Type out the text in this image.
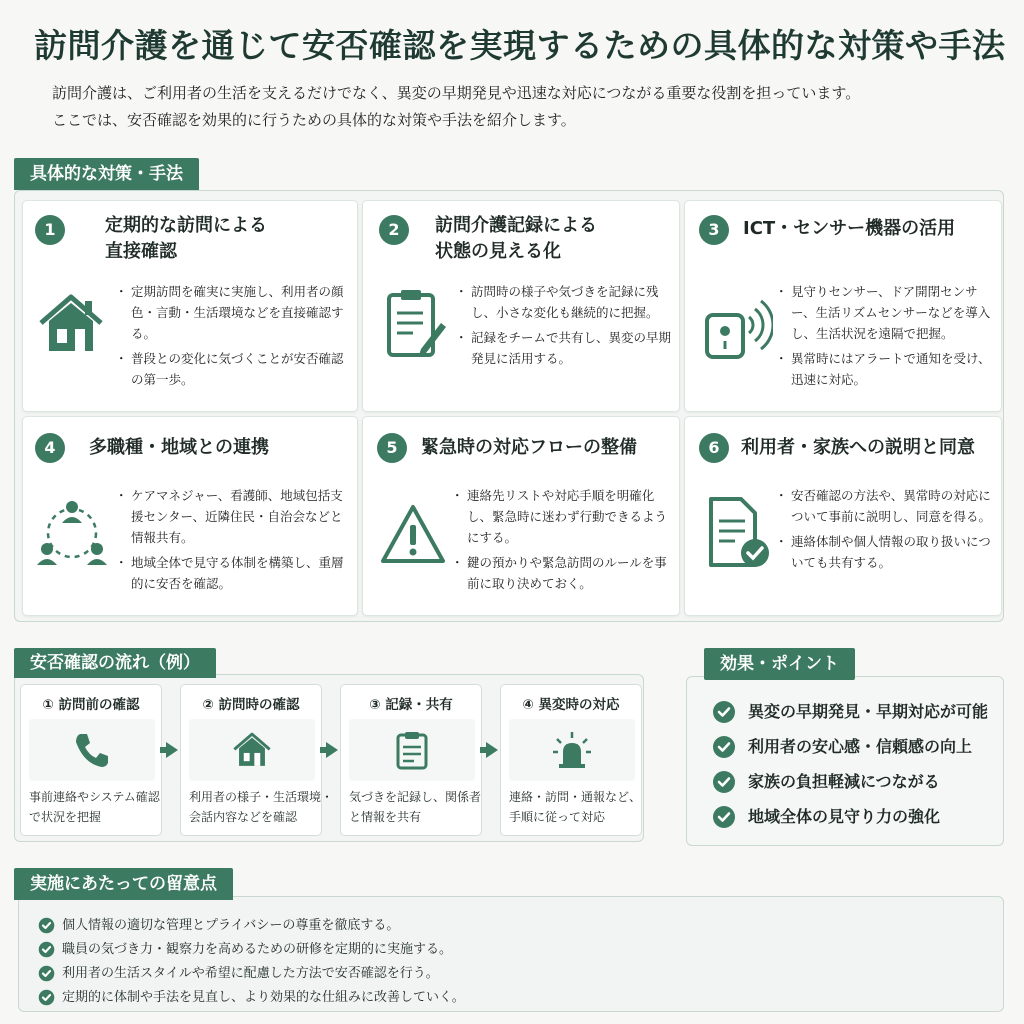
訪問介護を通じて安否確認を実現するための具体的な対策や手法

訪問介護は、ご利用者の生活を支えるだけでなく、異変の早期発見や迅速な対応につながる重要な役割を担っています。

ここでは、安否確認を効果的に行うための具体的な対策や手法を紹介します。

具体的な対策・手法
1	定期的な訪問による
直接確認
・ 定期訪問を確実に実施し、利用者の顔色・言動・生活環境などを直接確認する。
・ 普段との変化に気づくことが安否確認の第一歩。
2	訪問介護記録による
状態の見える化
・ 訪問時の様子や気づきを記録に残し、小さな変化も継続的に把握。
・ 記録をチームで共有し、異変の早期発見に活用する。
3	ICT・センサー機器の活用
・ 見守りセンサー、ドア開閉センサー、生活リズムセンサーなどを導入し、生活状況を遠隔で把握。
・ 異常時にはアラートで通知を受け、迅速に対応。
4	多職種・地域との連携
・ ケアマネジャー、看護師、地域包括支援センター、近隣住民・自治会などと情報共有。
・ 地域全体で見守る体制を構築し、重層的に安否を確認。
5	緊急時の対応フローの整備
・ 連絡先リストや対応手順を明確化し、緊急時に迷わず行動できるようにする。
・ 鍵の預かりや緊急訪問のルールを事前に取り決めておく。
6	利用者・家族への説明と同意
・ 安否確認の方法や、異常時の対応について事前に説明し、同意を得る。
・ 連絡体制や個人情報の取り扱いについても共有する。
安否確認の流れ（例）
① 訪問前の確認
事前連絡やシステム確認
で状況を把握
② 訪問時の確認
利用者の様子・生活環境・
会話内容などを確認
③ 記録・共有
気づきを記録し、関係者
と情報を共有
④ 異変時の対応
連絡・訪問・通報など、
手順に従って対応
効果・ポイント
異変の早期発見・早期対応が可能
利用者の安心感・信頼感の向上
家族の負担軽減につながる
地域全体の見守り力の強化
実施にあたっての留意点
個人情報の適切な管理とプライバシーの尊重を徹底する。
職員の気づき力・観察力を高めるための研修を定期的に実施する。
利用者の生活スタイルや希望に配慮した方法で安否確認を行う。
定期的に体制や手法を見直し、より効果的な仕組みに改善していく。
